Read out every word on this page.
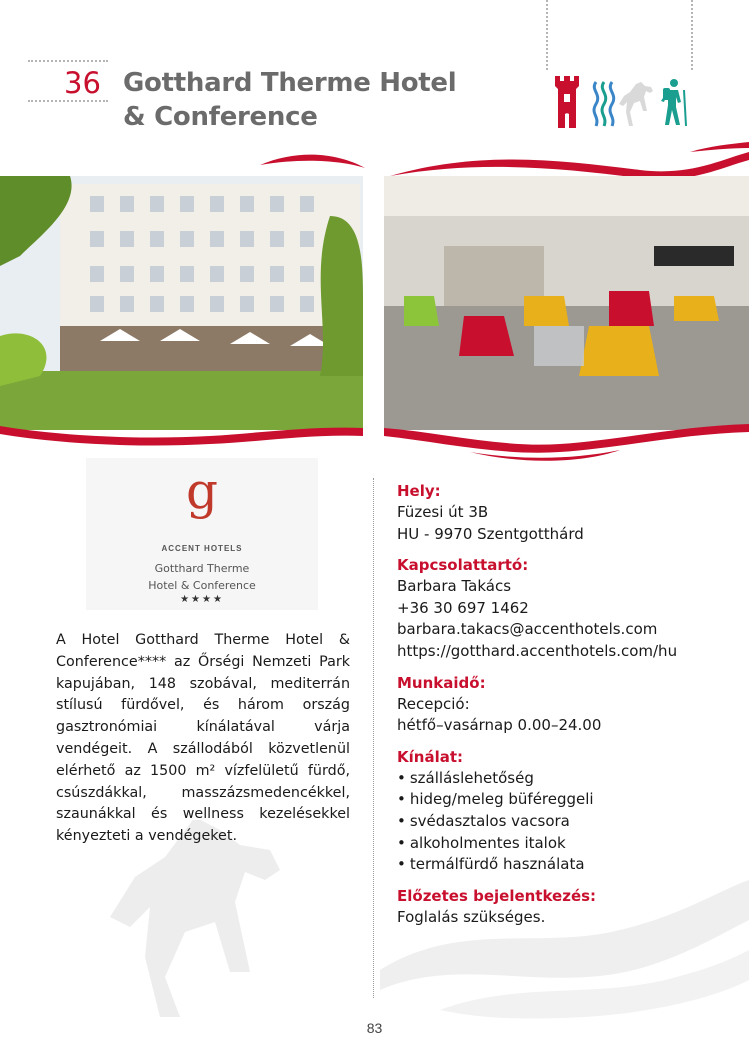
36 Gotthard Therme Hotel & Conference
g
ACCENT HOTELS
Gotthard Therme
Hotel & Conference
★★★★
A Hotel Gotthard Therme Hotel & Conference**** az Őrségi Nemzeti Park kapujában, 148 szobával, mediterrán stílusú fürdővel, és három ország gasztronómiai kínálatával várja vendégeit. A szállodából közvetlenül elérhető az 1500 m² vízfelületű fürdő, csúszdákkal, masszázsmedencékkel, szaunákkal és wellness kezelésekkel kényezteti a vendégeket.
Hely:
Füzesi út 3B
HU - 9970 Szentgotthárd
Kapcsolattartó:
Barbara Takács
+36 30 697 1462
barbara.takacs@accenthotels.com
https://gotthard.accenthotels.com/hu
Munkaidő:
Recepció:
hétfő–vasárnap 0.00–24.00
Kínálat:
• szálláslehetőség
• hideg/meleg büféreggeli
• svédasztalos vacsora
• alkoholmentes italok
• termálfürdő használata
Előzetes bejelentkezés:
Foglalás szükséges.
83
